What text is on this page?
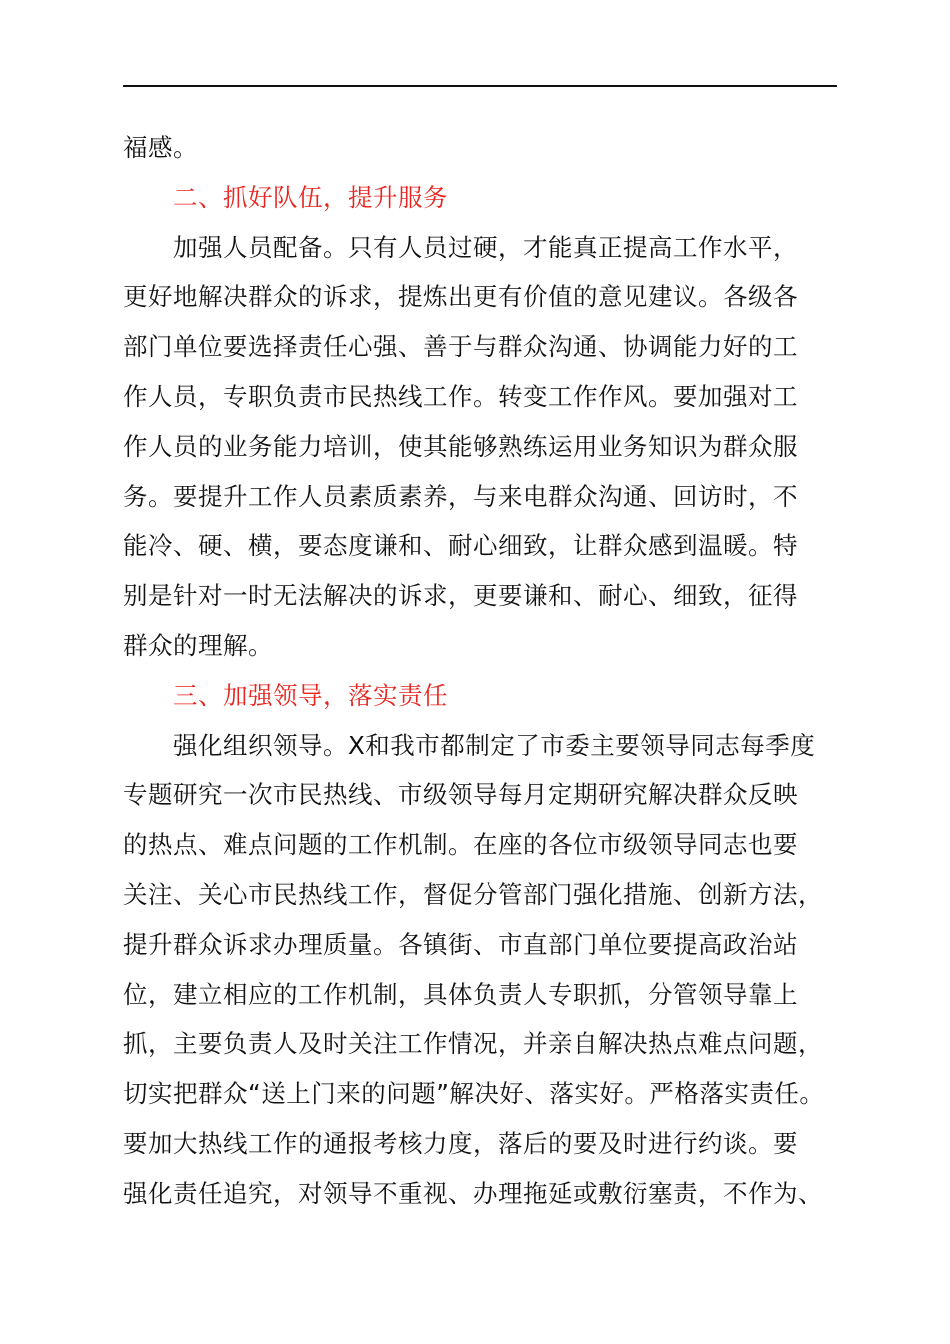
福感。
二、抓好队伍，提升服务
加强人员配备。只有人员过硬，才能真正提高工作水平，
更好地解决群众的诉求，提炼出更有价值的意见建议。各级各
部门单位要选择责任心强、善于与群众沟通、协调能力好的工
作人员，专职负责市民热线工作。转变工作作风。要加强对工
作人员的业务能力培训，使其能够熟练运用业务知识为群众服
务。要提升工作人员素质素养，与来电群众沟通、回访时，不
能冷、硬、横，要态度谦和、耐心细致，让群众感到温暖。特
别是针对一时无法解决的诉求，更要谦和、耐心、细致，征得
群众的理解。
三、加强领导，落实责任
强化组织领导。X和我市都制定了市委主要领导同志每季度
专题研究一次市民热线、市级领导每月定期研究解决群众反映
的热点、难点问题的工作机制。在座的各位市级领导同志也要
关注、关心市民热线工作，督促分管部门强化措施、创新方法，
提升群众诉求办理质量。各镇街、市直部门单位要提高政治站
位，建立相应的工作机制，具体负责人专职抓，分管领导靠上
抓，主要负责人及时关注工作情况，并亲自解决热点难点问题，
切实把群众“送上门来的问题”解决好、落实好。严格落实责任。
要加大热线工作的通报考核力度，落后的要及时进行约谈。要
强化责任追究，对领导不重视、办理拖延或敷衍塞责，不作为、
